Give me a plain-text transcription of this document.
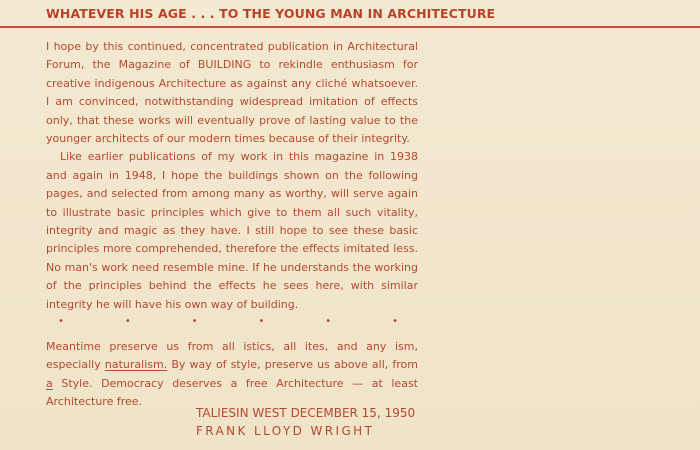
WHATEVER HIS AGE . . . TO THE YOUNG MAN IN ARCHITECTURE

I hope by this continued, concentrated publication in Architectural Forum, the Magazine of BUILDING to rekindle enthusiasm for creative indigenous Architecture as against any cliché whatsoever. I am convinced, notwithstanding widespread imitation of effects only, that these works will eventually prove of lasting value to the younger architects of our modern times because of their integrity.

Like earlier publications of my work in this magazine in 1938 and again in 1948, I hope the buildings shown on the following pages, and selected from among many as worthy, will serve again to illustrate basic principles which give to them all such vitality, integrity and magic as they have. I still hope to see these basic principles more comprehended, therefore the effects imitated less. No man's work need resemble mine. If he understands the working of the principles behind the effects he sees here, with similar integrity he will have his own way of building.

•	•	•	•	•	•

Meantime preserve us from all istics, all ites, and any ism, especially naturalism. By way of style, preserve us above all, from a Style. Democracy deserves a free Architecture — at least Architecture free.

TALIESIN WEST DECEMBER 15, 1950
FRANK LLOYD WRIGHT
